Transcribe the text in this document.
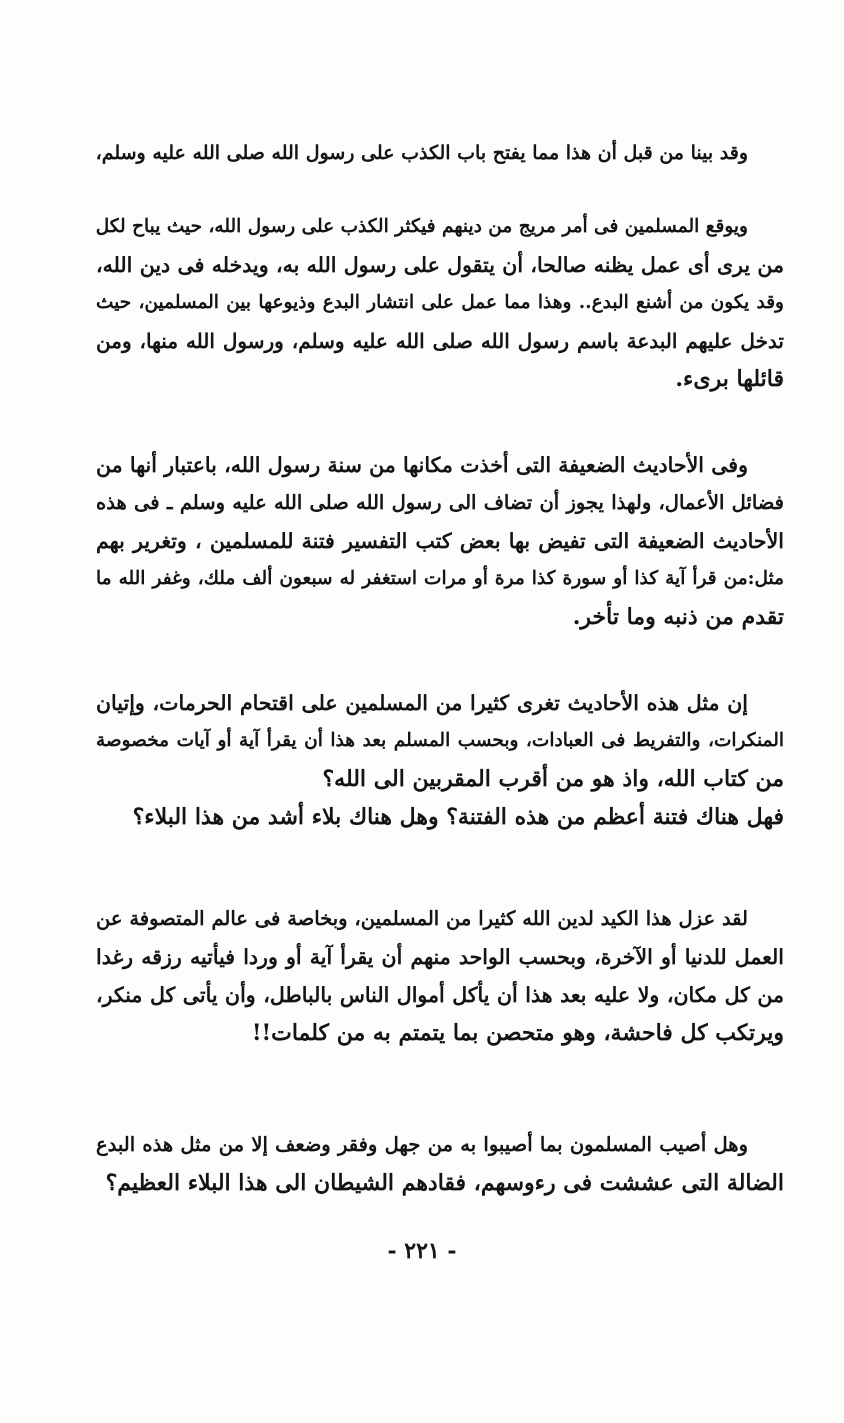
وقد بينا من قبل أن هذا مما يفتح باب الكذب على رسول الله صلى الله عليه وسلم،
ويوقع المسلمين فى أمر مريج من دينهم فيكثر الكذب على رسول الله، حيث يباح لكل
من يرى أى عمل يظنه صالحا، أن يتقول على رسول الله به، ويدخله فى دين الله،
وقد يكون من أشنع البدع.. وهذا مما عمل على انتشار البدع وذيوعها بين المسلمين، حيث
تدخل عليهم البدعة باسم رسول الله صلى الله عليه وسلم، ورسول الله منها، ومن
قائلها برىء.
وفى الأحاديث الضعيفة التى أخذت مكانها من سنة رسول الله، باعتبار أنها من
فضائل الأعمال، ولهذا يجوز أن تضاف الى رسول الله صلى الله عليه وسلم ـ فى هذه
الأحاديث الضعيفة التى تفيض بها بعض كتب التفسير فتنة للمسلمين ، وتغرير بهم
مثل:من قرأ آية كذا أو سورة كذا مرة أو مرات استغفر له سبعون ألف ملك، وغفر الله ما
تقدم من ذنبه وما تأخر.
إن مثل هذه الأحاديث تغرى كثيرا من المسلمين على اقتحام الحرمات، وإتيان
المنكرات، والتفريط فى العبادات، وبحسب المسلم بعد هذا أن يقرأ آية أو آيات مخصوصة
من كتاب الله، واذ هو من أقرب المقربين الى الله؟
فهل هناك فتنة أعظم من هذه الفتنة؟ وهل هناك بلاء أشد من هذا البلاء؟
لقد عزل هذا الكيد لدين الله كثيرا من المسلمين، وبخاصة فى عالم المتصوفة عن
العمل للدنيا أو الآخرة، وبحسب الواحد منهم أن يقرأ آية أو وردا فيأتيه رزقه رغدا
من كل مكان، ولا عليه بعد هذا أن يأكل أموال الناس بالباطل، وأن يأتى كل منكر،
ويرتكب كل فاحشة، وهو متحصن بما يتمتم به من كلمات!!
وهل أصيب المسلمون بما أصيبوا به من جهل وفقر وضعف إلا من مثل هذه البدع
الضالة التى عششت فى رءوسهم، فقادهم الشيطان الى هذا البلاء العظيم؟
- ٢٢١ -
